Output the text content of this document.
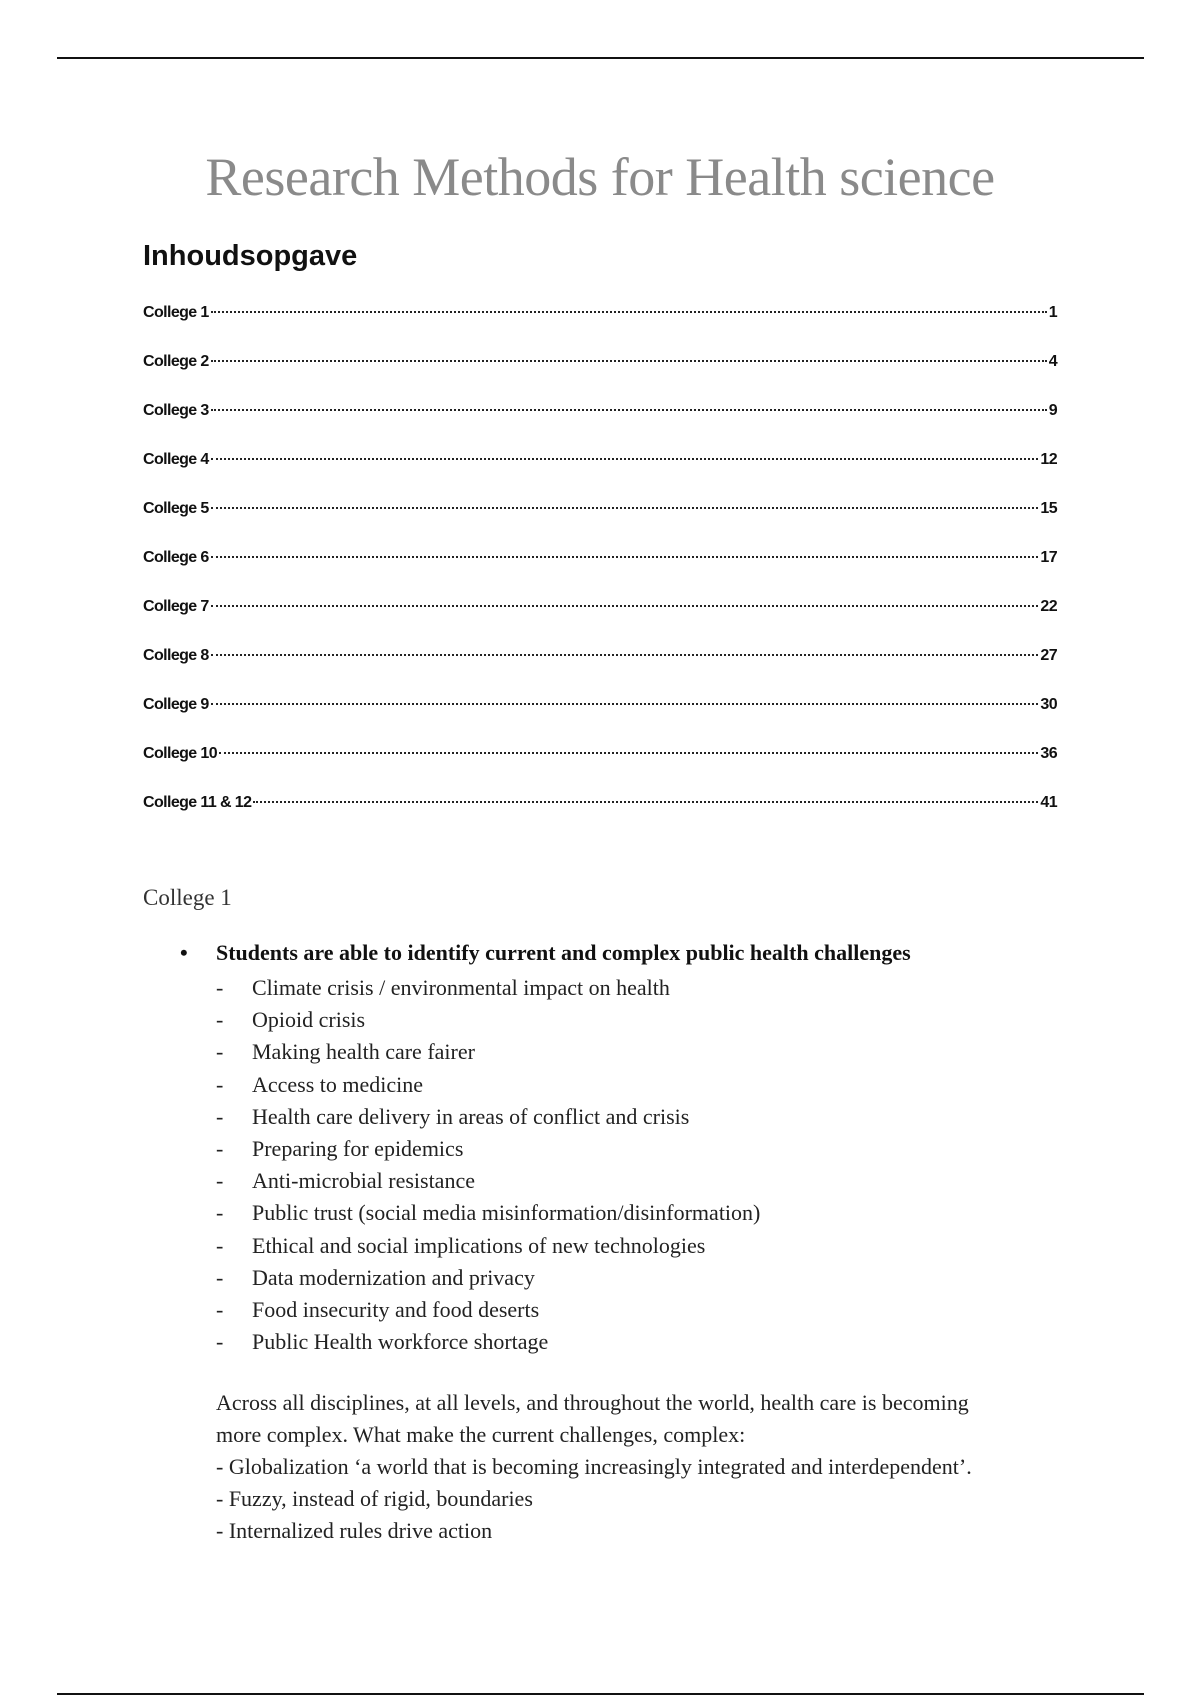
Research Methods for Health science
Inhoudsopgave
College 1	1
College 2	4
College 3	9
College 4	12
College 5	15
College 6	17
College 7	22
College 8	27
College 9	30
College 10	36
College 11 & 12	41
College 1

• Students are able to identify current and complex public health challenges

- Climate crisis / environmental impact on health
- Opioid crisis
- Making health care fairer
- Access to medicine
- Health care delivery in areas of conflict and crisis
- Preparing for epidemics
- Anti-microbial resistance
- Public trust (social media misinformation/disinformation)
- Ethical and social implications of new technologies
- Data modernization and privacy
- Food insecurity and food deserts
- Public Health workforce shortage

Across all disciplines, at all levels, and throughout the world, health care is becoming
more complex. What make the current challenges, complex:
- Globalization ‘a world that is becoming increasingly integrated and interdependent’.
- Fuzzy, instead of rigid, boundaries
- Internalized rules drive action
